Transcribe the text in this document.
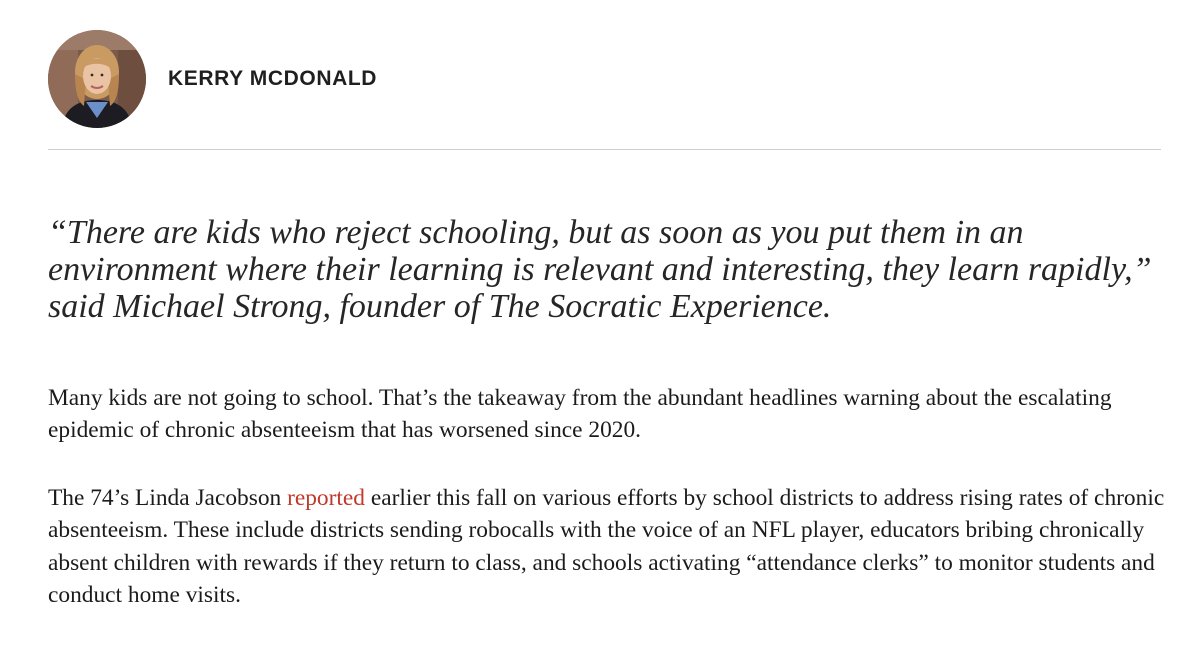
KERRY MCDONALD

“There are kids who reject schooling, but as soon as you put them in an environment where their learning is relevant and interesting, they learn rapidly,” said Michael Strong, founder of The Socratic Experience.

Many kids are not going to school. That’s the takeaway from the abundant headlines warning about the escalating epidemic of chronic absenteeism that has worsened since 2020.

The 74’s Linda Jacobson reported earlier this fall on various efforts by school districts to address rising rates of chronic absenteeism. These include districts sending robocalls with the voice of an NFL player, educators bribing chronically absent children with rewards if they return to class, and schools activating “attendance clerks” to monitor students and conduct home visits.
